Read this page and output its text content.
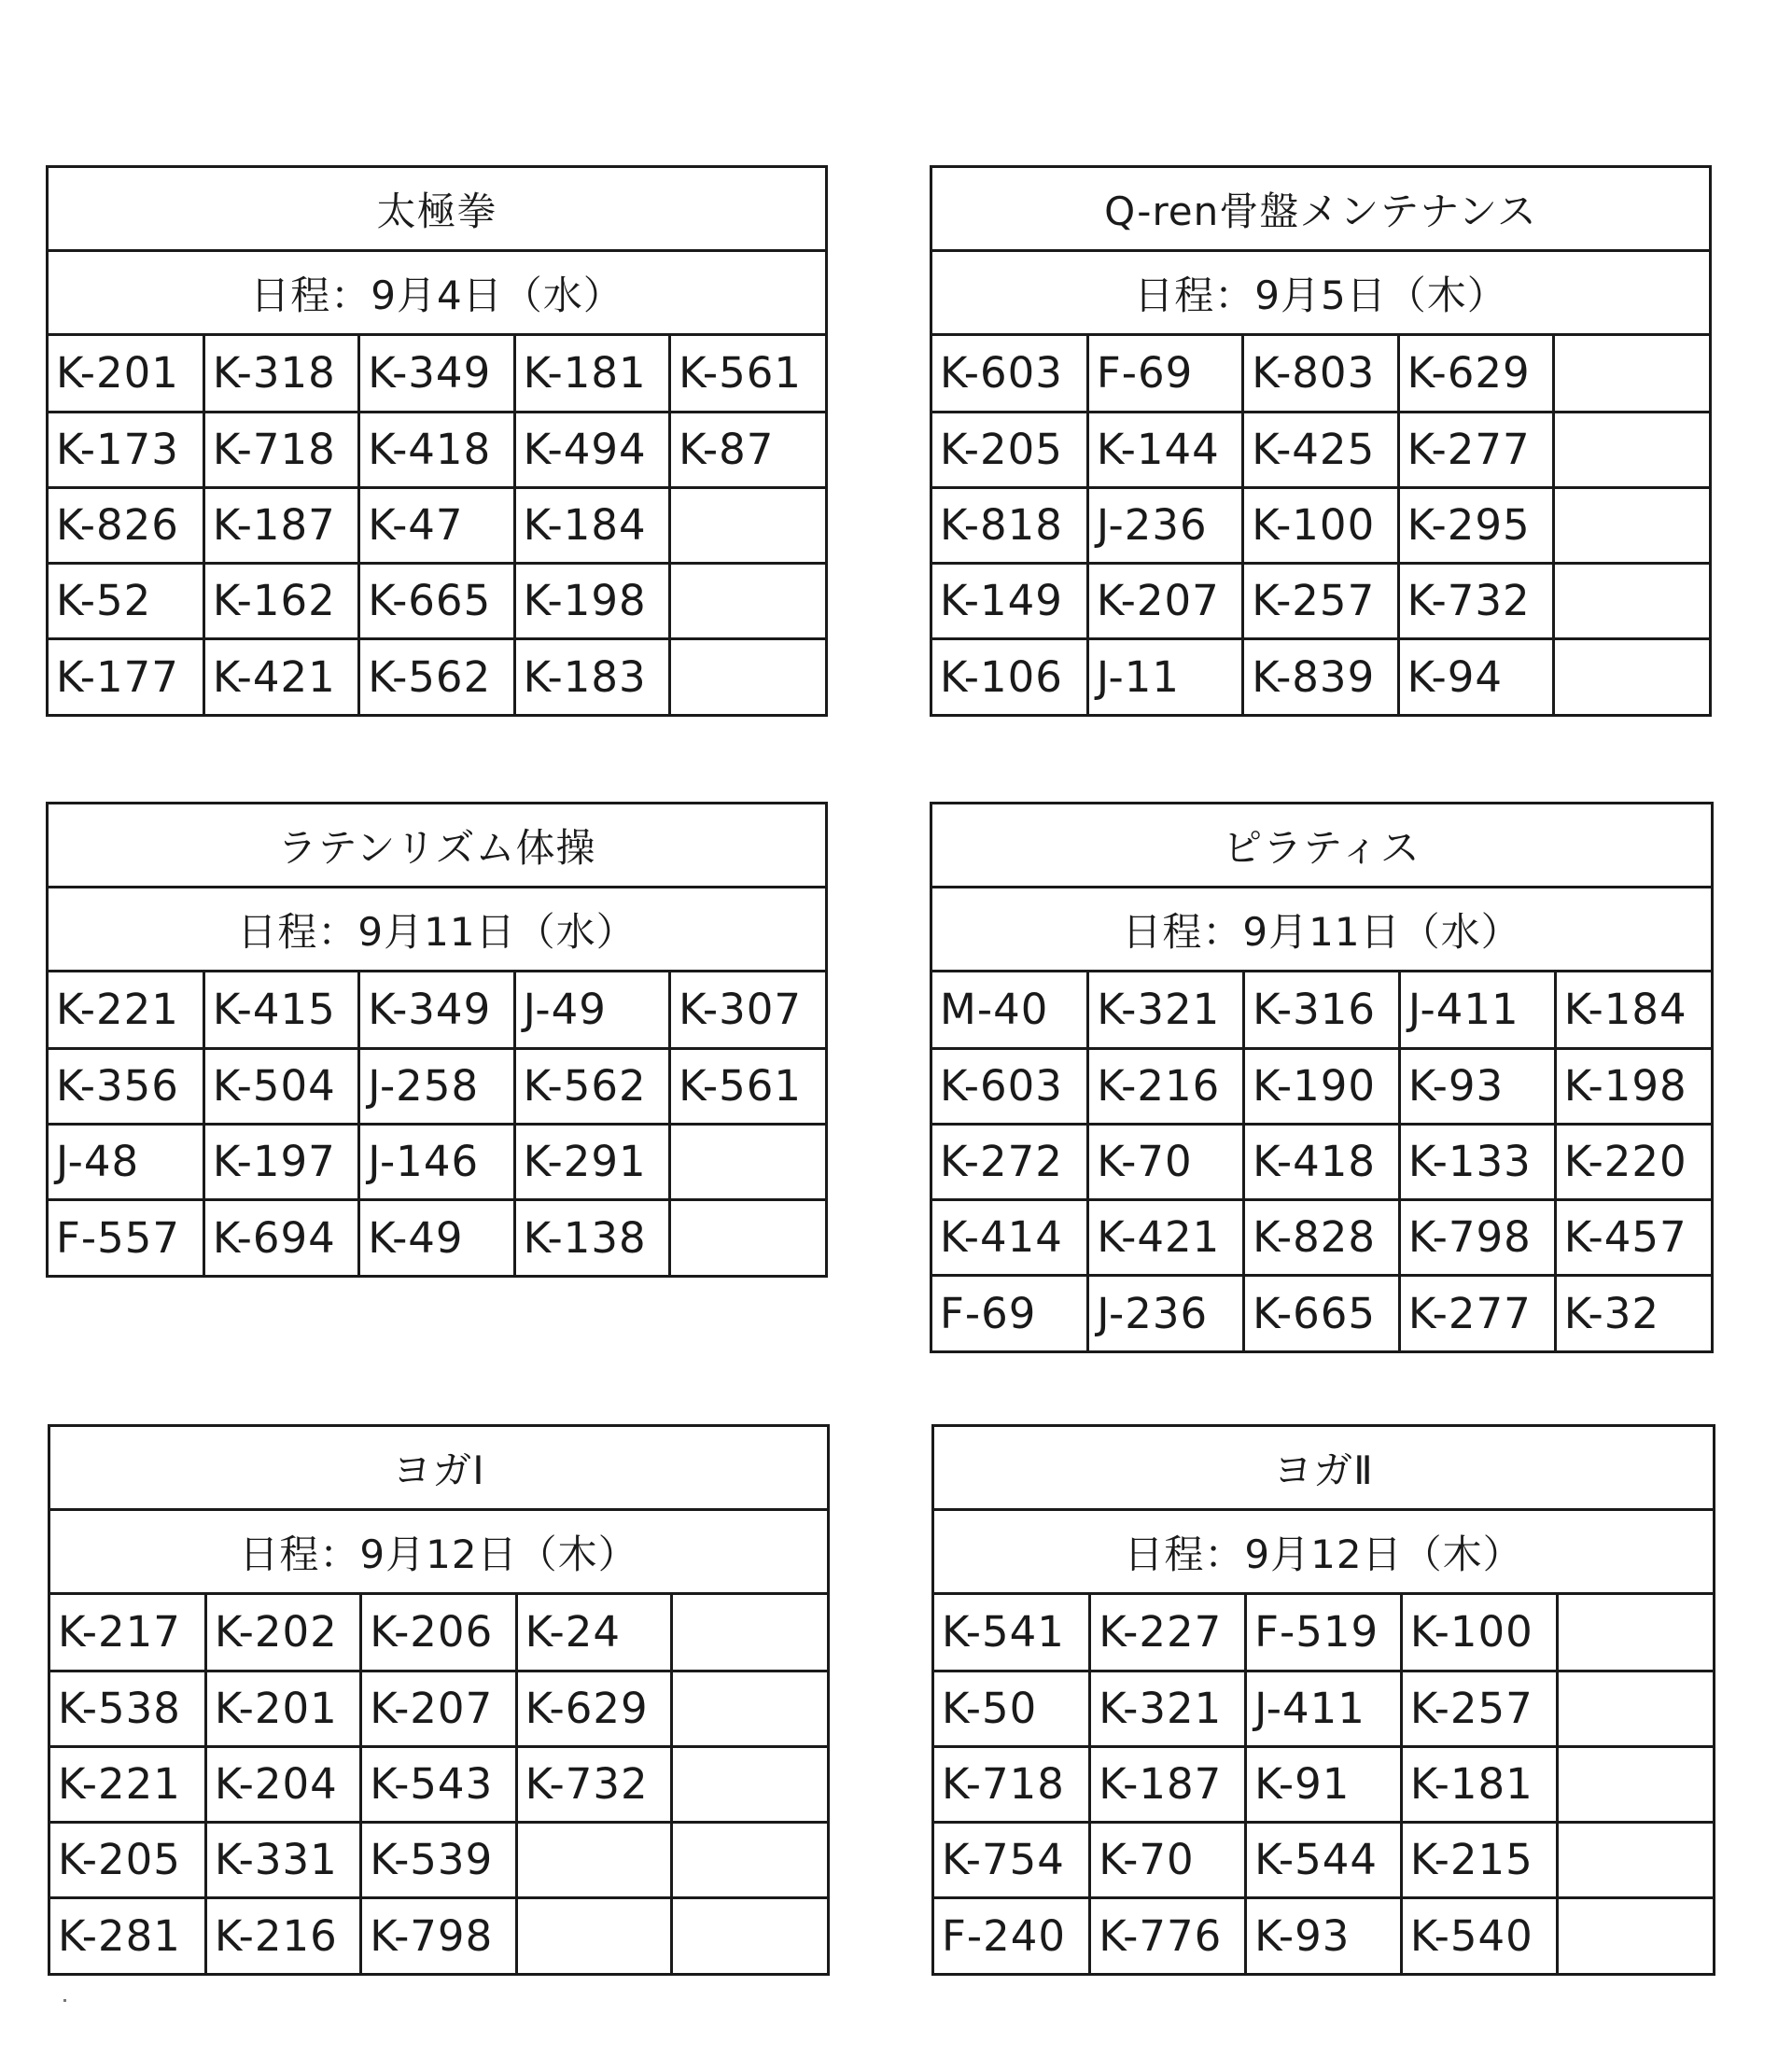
太極拳
日程：9月4日（水）
K-201	K-318	K-349	K-181	K-561
K-173	K-718	K-418	K-494	K-87
K-826	K-187	K-47	K-184	
K-52	K-162	K-665	K-198	
K-177	K-421	K-562	K-183	
Q-ren骨盤メンテナンス
日程：9月5日（木）
K-603	F-69	K-803	K-629	
K-205	K-144	K-425	K-277	
K-818	J-236	K-100	K-295	
K-149	K-207	K-257	K-732	
K-106	J-11	K-839	K-94	
ラテンリズム体操
日程：9月11日（水）
K-221	K-415	K-349	J-49	K-307
K-356	K-504	J-258	K-562	K-561
J-48	K-197	J-146	K-291	
F-557	K-694	K-49	K-138	
ピラティス
日程：9月11日（水）
M-40	K-321	K-316	J-411	K-184
K-603	K-216	K-190	K-93	K-198
K-272	K-70	K-418	K-133	K-220
K-414	K-421	K-828	K-798	K-457
F-69	J-236	K-665	K-277	K-32
ヨガⅠ
日程：9月12日（木）
K-217	K-202	K-206	K-24	
K-538	K-201	K-207	K-629	
K-221	K-204	K-543	K-732	
K-205	K-331	K-539		
K-281	K-216	K-798		
ヨガⅡ
日程：9月12日（木）
K-541	K-227	F-519	K-100	
K-50	K-321	J-411	K-257	
K-718	K-187	K-91	K-181	
K-754	K-70	K-544	K-215	
F-240	K-776	K-93	K-540	
